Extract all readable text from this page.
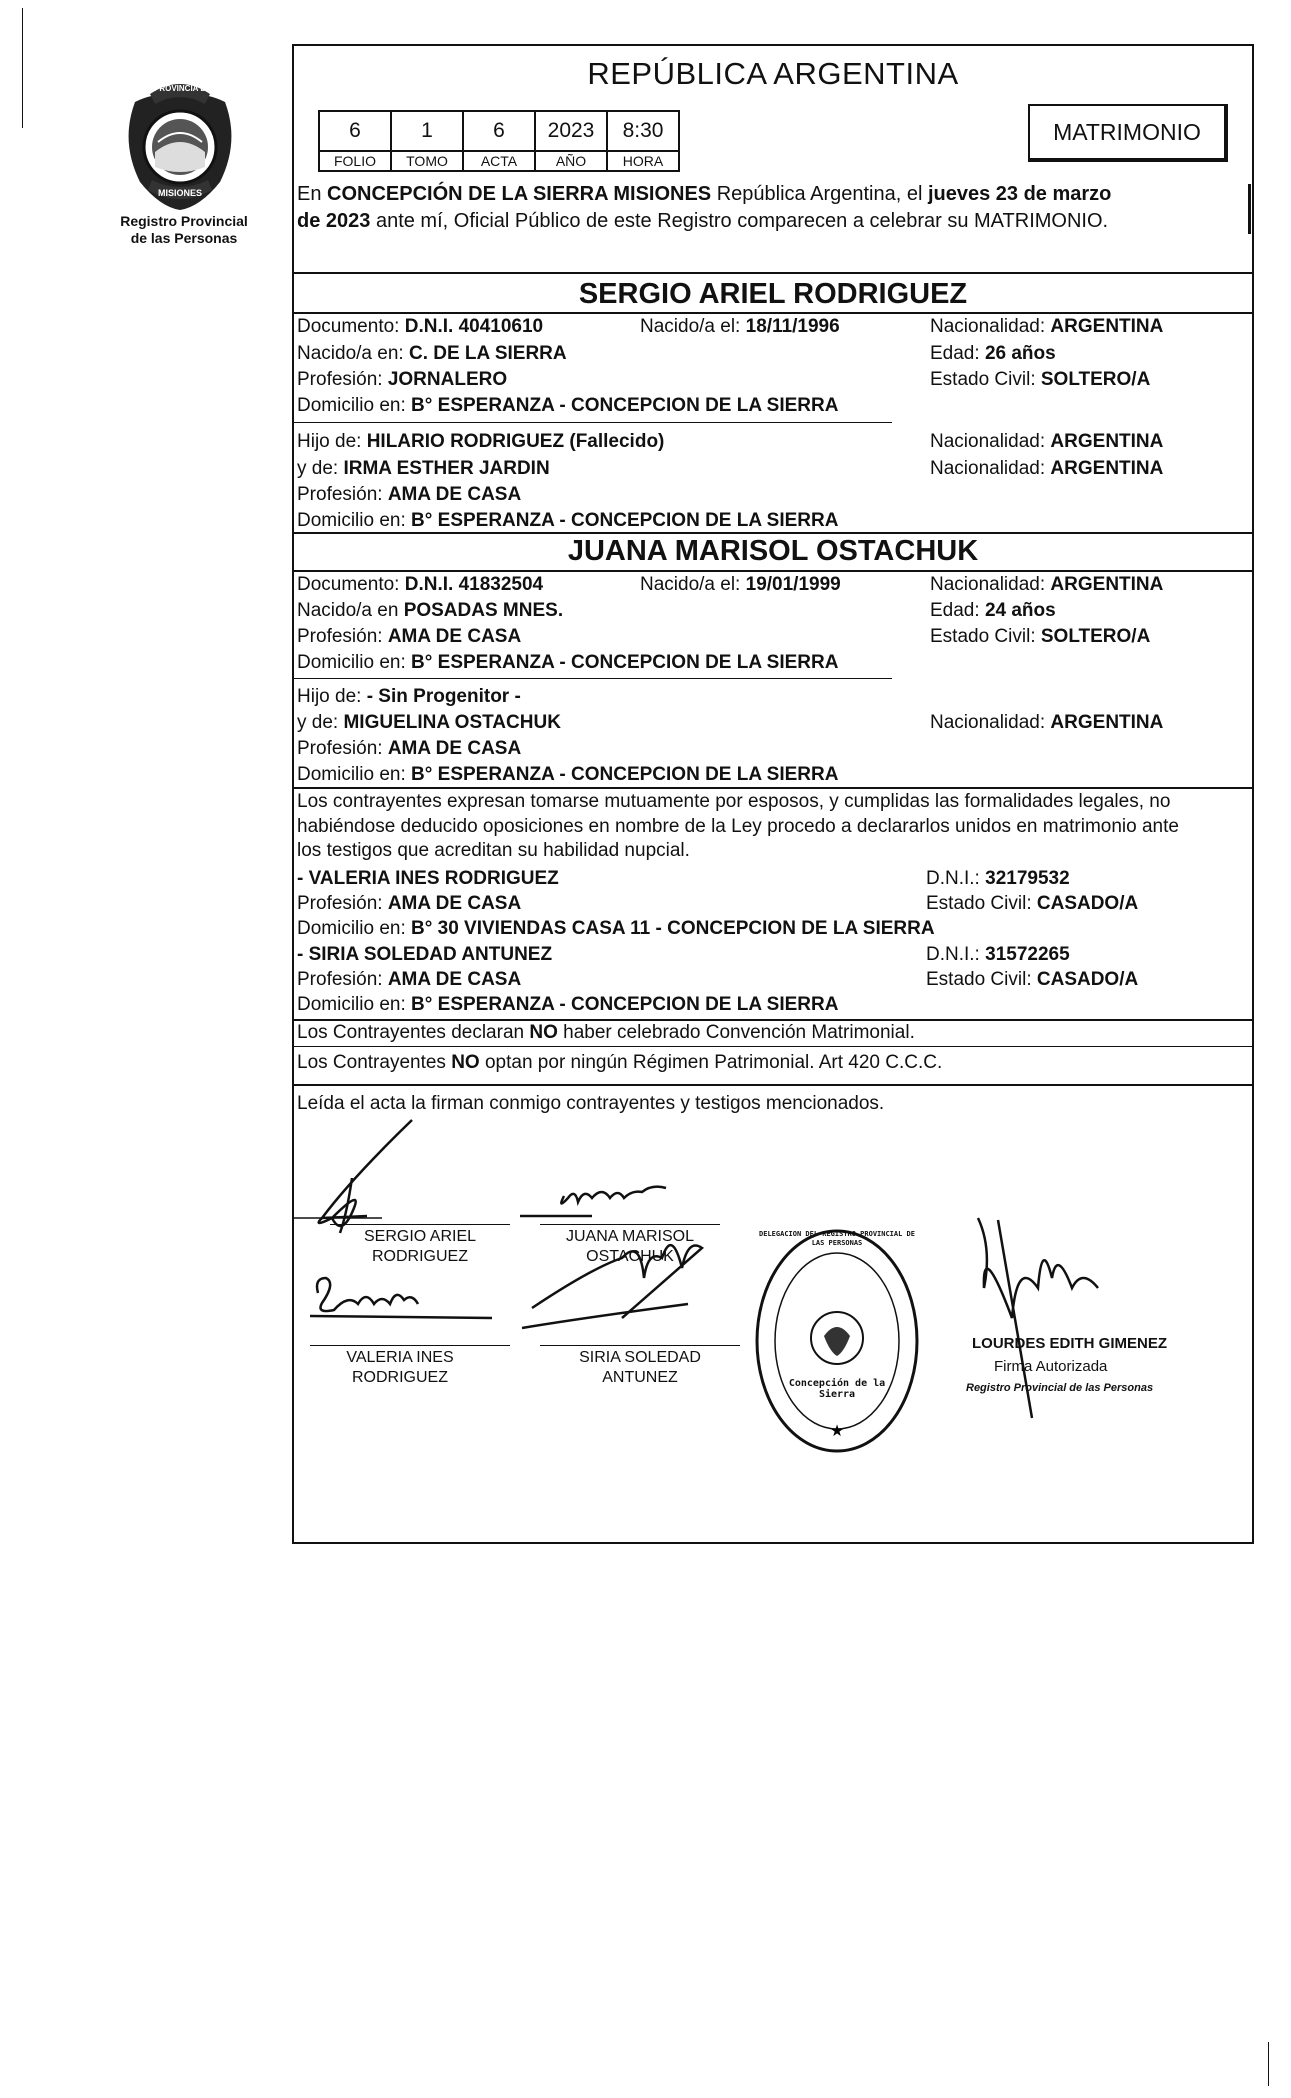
PROVINCIA DE
MISIONES
Registro Provincial
de las Personas
REPÚBLICA ARGENTINA
6	1	6	2023	8:30
FOLIO	TOMO	ACTA	AÑO	HORA
MATRIMONIO
En CONCEPCIÓN DE LA SIERRA MISIONES República Argentina, el jueves 23 de marzo
de 2023 ante mí, Oficial Público de este Registro comparecen a celebrar su MATRIMONIO.
SERGIO ARIEL RODRIGUEZ
Documento: D.N.I. 40410610	Nacido/a el: 18/11/1996	Nacionalidad: ARGENTINA
Nacido/a en: C. DE LA SIERRA	Edad: 26 años
Profesión: JORNALERO	Estado Civil: SOLTERO/A
Domicilio en: B° ESPERANZA - CONCEPCION DE LA SIERRA
Hijo de: HILARIO RODRIGUEZ (Fallecido)	Nacionalidad: ARGENTINA
y de: IRMA ESTHER JARDIN	Nacionalidad: ARGENTINA
Profesión: AMA DE CASA
Domicilio en: B° ESPERANZA - CONCEPCION DE LA SIERRA
JUANA MARISOL OSTACHUK
Documento: D.N.I. 41832504	Nacido/a el: 19/01/1999	Nacionalidad: ARGENTINA
Nacido/a en POSADAS MNES.	Edad: 24 años
Profesión: AMA DE CASA	Estado Civil: SOLTERO/A
Domicilio en: B° ESPERANZA - CONCEPCION DE LA SIERRA
Hijo de: - Sin Progenitor -
y de: MIGUELINA OSTACHUK	Nacionalidad: ARGENTINA
Profesión: AMA DE CASA
Domicilio en: B° ESPERANZA - CONCEPCION DE LA SIERRA
Los contrayentes expresan tomarse mutuamente por esposos, y cumplidas las formalidades legales, no
habiéndose deducido oposiciones en nombre de la Ley procedo a declararlos unidos en matrimonio ante
los testigos que acreditan su habilidad nupcial.
- VALERIA INES RODRIGUEZ	D.N.I.: 32179532
Profesión: AMA DE CASA	Estado Civil: CASADO/A
Domicilio en: B° 30 VIVIENDAS CASA 11 - CONCEPCION DE LA SIERRA
- SIRIA SOLEDAD ANTUNEZ	D.N.I.: 31572265
Profesión: AMA DE CASA	Estado Civil: CASADO/A
Domicilio en: B° ESPERANZA - CONCEPCION DE LA SIERRA
Los Contrayentes declaran NO haber celebrado Convención Matrimonial.
Los Contrayentes NO optan por ningún Régimen Patrimonial. Art 420 C.C.C.
Leída el acta la firman conmigo contrayentes y testigos mencionados.
SERGIO ARIEL
RODRIGUEZ
JUANA MARISOL
OSTACHUK
VALERIA INES
RODRIGUEZ
SIRIA SOLEDAD
ANTUNEZ
★
DELEGACION DEL REGISTRO PROVINCIAL DE LAS PERSONAS
Concepción de la Sierra
LOURDES EDITH GIMENEZ
Firma Autorizada
Registro Provincial de las Personas
